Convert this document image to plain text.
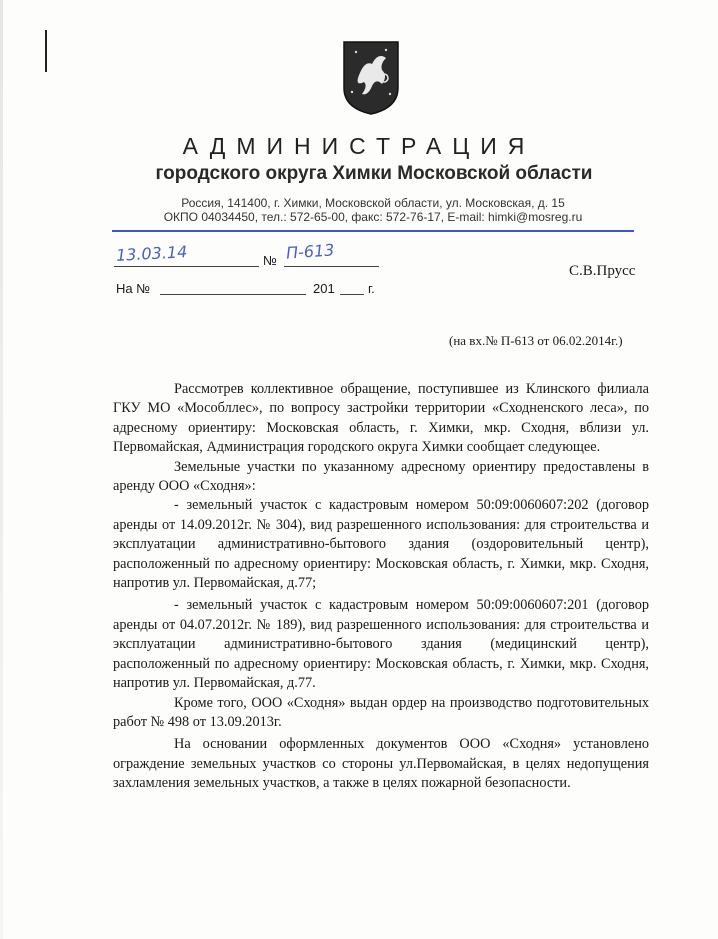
АДМИНИСТРАЦИЯ
городского округа Химки Московской области
Россия, 141400, г. Химки, Московской области, ул. Московская, д. 15
ОКПО 04034450, тел.: 572-65-00, факс: 572-76-17, E-mail: himki@mosreg.ru
13.03.14	№ П-613
На №	201	г.
С.В.Прусс
(на вх.№ П-613 от 06.02.2014г.)

Рассмотрев коллективное обращение, поступившее из Клинского филиала ГКУ МО «Мособллес», по вопросу застройки территории «Сходненского леса», по адресному ориентиру: Московская область, г. Химки, мкр. Сходня, вблизи ул. Первомайская, Администрация городского округа Химки сообщает следующее.

Земельные участки по указанному адресному ориентиру предоставлены в аренду ООО «Сходня»:

- земельный участок с кадастровым номером 50:09:0060607:202 (договор аренды от 14.09.2012г. № 304), вид разрешенного использования: для строительства и эксплуатации административно-бытового здания (оздоровительный центр), расположенный по адресному ориентиру: Московская область, г. Химки, мкр. Сходня, напротив ул. Первомайская, д.77;

- земельный участок с кадастровым номером 50:09:0060607:201 (договор аренды от 04.07.2012г. № 189), вид разрешенного использования: для строительства и эксплуатации административно-бытового здания (медицинский центр), расположенный по адресному ориентиру: Московская область, г. Химки, мкр. Сходня, напротив ул. Первомайская, д.77.

Кроме того, ООО «Сходня» выдан ордер на производство подготовительных работ № 498 от 13.09.2013г.

На основании оформленных документов ООО «Сходня» установлено ограждение земельных участков со стороны ул.Первомайская, в целях недопущения захламления земельных участков, а также в целях пожарной безопасности.
